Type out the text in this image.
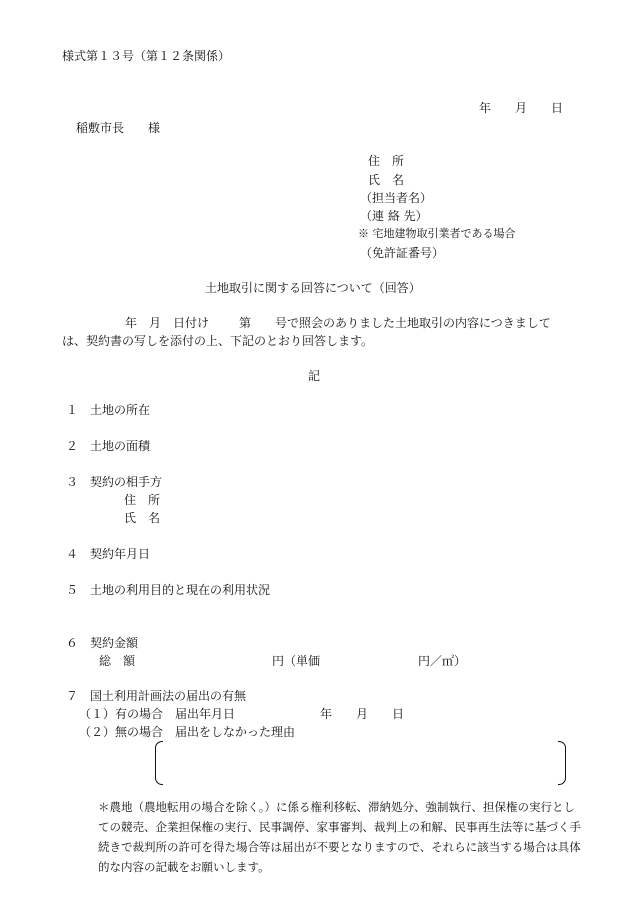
様式第１３号（第１２条関係）
年　　月　　日
稲敷市長　　様
住　所
氏　名
（担当者名）
（連 絡 先）
※ 宅地建物取引業者である場合
（免許証番号）
土地取引に関する回答について（回答）
年　月　日付け 第　　号で照会のありました土地取引の内容につきまして
は、契約書の写しを添付の上、下記のとおり回答します。
記
１　土地の所在
２　土地の面積
３　契約の相手方
住　所
氏　名
４　契約年月日
５　土地の利用目的と現在の利用状況
６　契約金額
総　額	円（単価	円／㎡）
７　国土利用計画法の届出の有無
（１）有の場合　届出年月日	年　　月　　日
（２）無の場合　届出をしなかった理由
＊農地（農地転用の場合を除く。）に係る権利移転、滞納処分、強制執行、担保権の実行とし
ての競売、企業担保権の実行、民事調停、家事審判、裁判上の和解、民事再生法等に基づく手
続きで裁判所の許可を得た場合等は届出が不要となりますので、それらに該当する場合は具体
的な内容の記載をお願いします。
